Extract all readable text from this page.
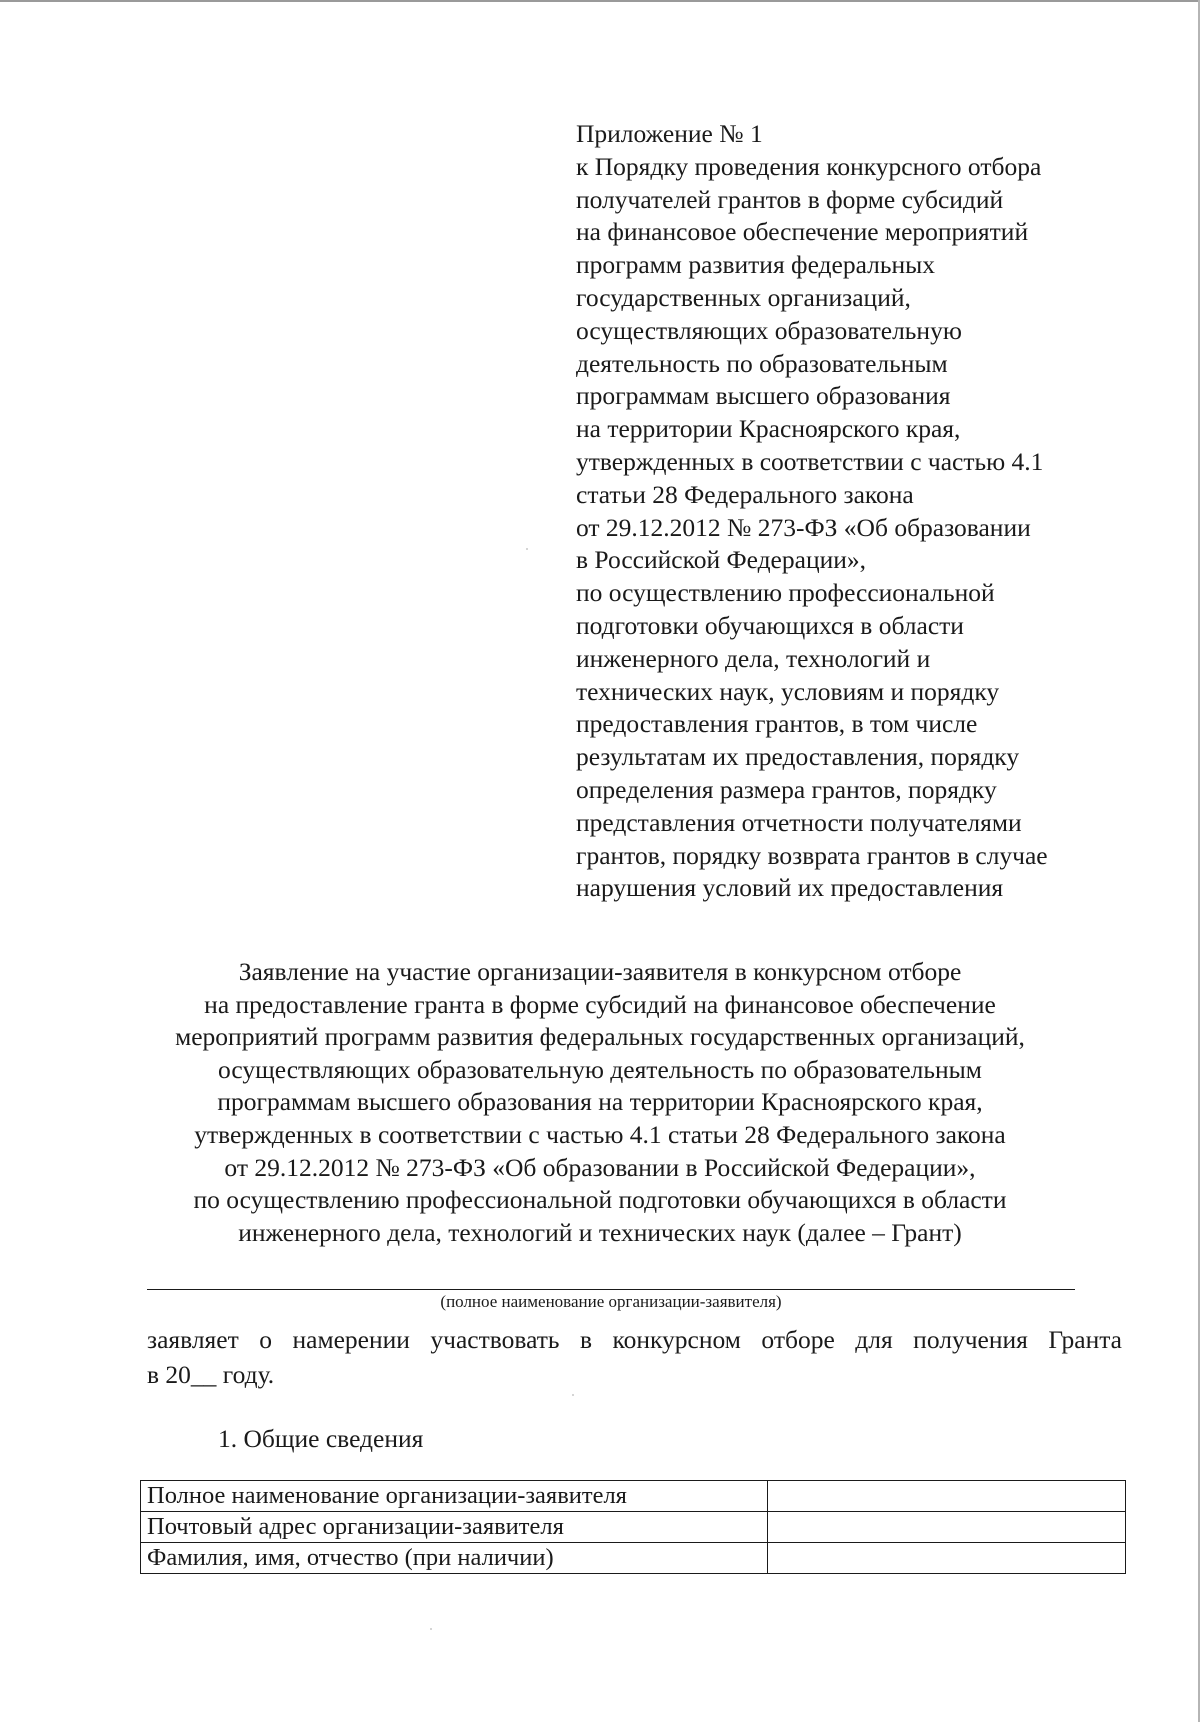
Приложение № 1
к Порядку проведения конкурсного отбора
получателей грантов в форме субсидий
на финансовое обеспечение мероприятий
программ развития федеральных
государственных организаций,
осуществляющих образовательную
деятельность по образовательным
программам высшего образования
на территории Красноярского края,
утвержденных в соответствии с частью 4.1
статьи 28 Федерального закона
от 29.12.2012 № 273-ФЗ «Об образовании
в Российской Федерации»,
по осуществлению профессиональной
подготовки обучающихся в области
инженерного дела, технологий и
технических наук, условиям и порядку
предоставления грантов, в том числе
результатам их предоставления, порядку
определения размера грантов, порядку
представления отчетности получателями
грантов, порядку возврата грантов в случае
нарушения условий их предоставления
Заявление на участие организации-заявителя в конкурсном отборе
на предоставление гранта в форме субсидий на финансовое обеспечение
мероприятий программ развития федеральных государственных организаций,
осуществляющих образовательную деятельность по образовательным
программам высшего образования на территории Красноярского края,
утвержденных в соответствии с частью 4.1 статьи 28 Федерального закона
от 29.12.2012 № 273-ФЗ «Об образовании в Российской Федерации»,
по осуществлению профессиональной подготовки обучающихся в области
инженерного дела, технологий и технических наук (далее – Грант)
(полное наименование организации-заявителя)
заявляет о намерении участвовать в конкурсном отборе для получения Гранта
в 20__ году.
1. Общие сведения
Полное наименование организации-заявителя	
Почтовый адрес организации-заявителя	
Фамилия, имя, отчество (при наличии)	
